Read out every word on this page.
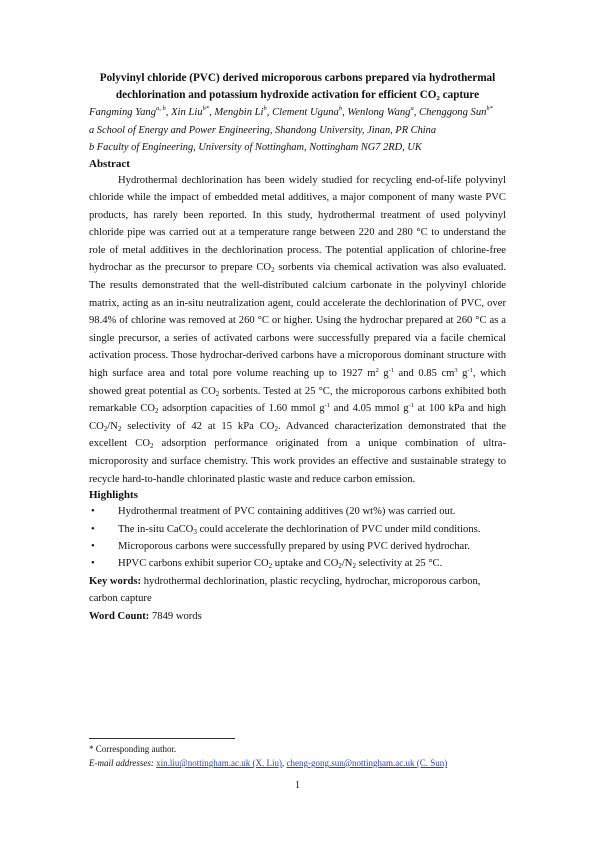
Polyvinyl chloride (PVC) derived microporous carbons prepared via hydrothermal dechlorination and potassium hydroxide activation for efficient CO₂ capture

Fangming Yang$^{a, b}$, Xin Liu$^{b*}$, Mengbin Li$^b$, Clement Uguna$^b$, Wenlong Wang$^a$, Chenggong Sun$^{b*}$
a School of Energy and Power Engineering, Shandong University, Jinan, PR China
b Faculty of Engineering, University of Nottingham, Nottingham NG7 2RD, UK
Abstract

Hydrothermal dechlorination has been widely studied for recycling end-of-life polyvinyl chloride while the impact of embedded metal additives, a major component of many waste PVC products, has rarely been reported. In this study, hydrothermal treatment of used polyvinyl chloride pipe was carried out at a temperature range between 220 and 280 °C to understand the role of metal additives in the dechlorination process. The potential application of chlorine-free hydrochar as the precursor to prepare $CO_2$ sorbents via chemical activation was also evaluated. The results demonstrated that the well-distributed calcium carbonate in the polyvinyl chloride matrix, acting as an in-situ neutralization agent, could accelerate the dechlorination of PVC, over 98.4% of chlorine was removed at 260 °C or higher. Using the hydrochar prepared at 260 °C as a single precursor, a series of activated carbons were successfully prepared via a facile chemical activation process. Those hydrochar-derived carbons have a microporous dominant structure with high surface area and total pore volume reaching up to 1927 $m^2$ $g^{-1}$ and 0.85 $cm^3$ $g^{-1}$, which showed great potential as $CO_2$ sorbents. Tested at 25 °C, the microporous carbons exhibited both remarkable $CO_2$ adsorption capacities of 1.60 mmol $g^{-1}$ and 4.05 mmol $g^{-1}$ at 100 kPa and high $CO_2/N_2$ selectivity of 42 at 15 kPa $CO_2$. Advanced characterization demonstrated that the excellent $CO_2$ adsorption performance originated from a unique combination of ultra-microporosity and surface chemistry. This work provides an effective and sustainable strategy to recycle hard-to-handle chlorinated plastic waste and reduce carbon emission.

Highlights
• Hydrothermal treatment of PVC containing additives (20 wt%) was carried out.
• The in-situ CaCO$_3$ could accelerate the dechlorination of PVC under mild conditions.
• Microporous carbons were successfully prepared by using PVC derived hydrochar.
• HPVC carbons exhibit superior $CO_2$ uptake and $CO_2/N_2$ selectivity at 25 °C.

Key words: hydrothermal dechlorination, plastic recycling, hydrochar, microporous carbon, carbon capture

Word Count: 7849 words

* Corresponding author.
E-mail addresses: xin.liu@nottingham.ac.uk (X. Liu), cheng-gong.sun@nottingham.ac.uk (C. Sun)
1
